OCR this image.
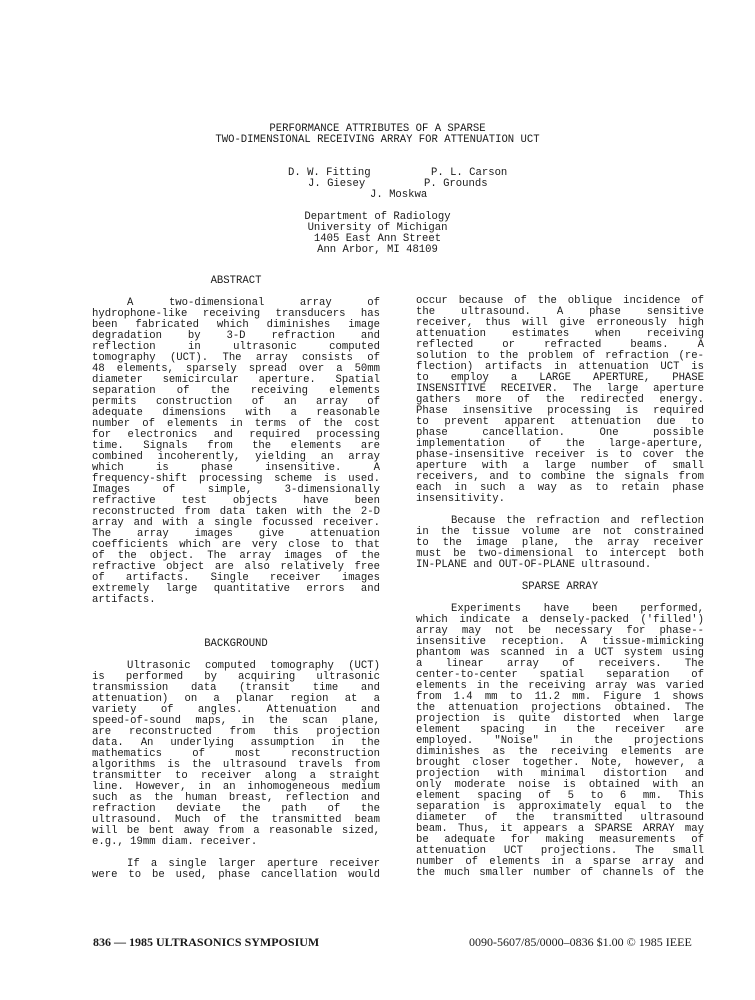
PERFORMANCE ATTRIBUTES OF A SPARSE
TWO-DIMENSIONAL RECEIVING ARRAY FOR ATTENUATION UCT
D. W. Fitting	P. L. Carson
J. Giesey	P. Grounds
J. Moskwa
Department of Radiology
University of Michigan
1405 East Ann Street
Ann Arbor, MI 48109
ABSTRACT
A two-dimensional array of
hydrophone-like receiving transducers has
been fabricated which diminishes image
degradation by 3-D refraction and
reflection in ultrasonic computed
tomography (UCT). The array consists of
48 elements, sparsely spread over a 50mm
diameter semicircular aperture. Spatial
separation of the receiving elements
permits construction of an array of
adequate dimensions with a reasonable
number of elements in terms of the cost
for electronics and required processing
time. Signals from the elements are
combined incoherently, yielding an array
which is phase insensitive. A
frequency-shift processing scheme is used.
Images of simple, 3-dimensionally
refractive test objects have been
reconstructed from data taken with the 2-D
array and with a single focussed receiver.
The array images give attenuation
coefficients which are very close to that
of the object. The array images of the
refractive object are also relatively free
of artifacts. Single receiver images
extremely large quantitative errors and
artifacts.
BACKGROUND
Ultrasonic computed tomography (UCT)
is performed by acquiring ultrasonic
transmission data (transit time and
attenuation) on a planar region at a
variety of angles. Attenuation and
speed-of-sound maps, in the scan plane,
are reconstructed from this projection
data. An underlying assumption in the
mathematics of most reconstruction
algorithms is the ultrasound travels from
transmitter to receiver along a straight
line. However, in an inhomogeneous medium
such as the human breast, reflection and
refraction deviate the path of the
ultrasound. Much of the transmitted beam
will be bent away from a reasonable sized,
e.g., 19mm diam. receiver.
If a single larger aperture receiver
were to be used, phase cancellation would
occur because of the oblique incidence of
the ultrasound. A phase sensitive
receiver, thus will give erroneously high
attenuation estimates when receiving
reflected or refracted beams. A
solution to the problem of refraction (re-
flection) artifacts in attenuation UCT is
to employ a LARGE APERTURE, PHASE
INSENSITIVE RECEIVER. The large aperture
gathers more of the redirected energy.
Phase insensitive processing is required
to prevent apparent attenuation due to
phase cancellation. One possible
implementation of the large-aperture,
phase-insensitive receiver is to cover the
aperture with a large number of small
receivers, and to combine the signals from
each in such a way as to retain phase
insensitivity.
Because the refraction and reflection
in the tissue volume are not constrained
to the image plane, the array receiver
must be two-dimensional to intercept both
IN-PLANE and OUT-OF-PLANE ultrasound.
SPARSE ARRAY
Experiments have been performed,
which indicate a densely-packed ('filled')
array may not be necessary for phase--
insensitive reception. A tissue-mimicking
phantom was scanned in a UCT system using
a linear array of receivers. The
center-to-center spatial separation of
elements in the receiving array was varied
from 1.4 mm to 11.2 mm. Figure 1 shows
the attenuation projections obtained. The
projection is quite distorted when large
element spacing in the receiver are
employed. "Noise" in the projections
diminishes as the receiving elements are
brought closer together. Note, however, a
projection with minimal distortion and
only moderate noise is obtained with an
element spacing of 5 to 6 mm. This
separation is approximately equal to the
diameter of the transmitted ultrasound
beam. Thus, it appears a SPARSE ARRAY may
be adequate for making measurements of
attenuation UCT projections. The small
number of elements in a sparse array and
the much smaller number of channels of the
836 — 1985 ULTRASONICS SYMPOSIUM	0090-5607/85/0000–0836 $1.00 © 1985 IEEE
